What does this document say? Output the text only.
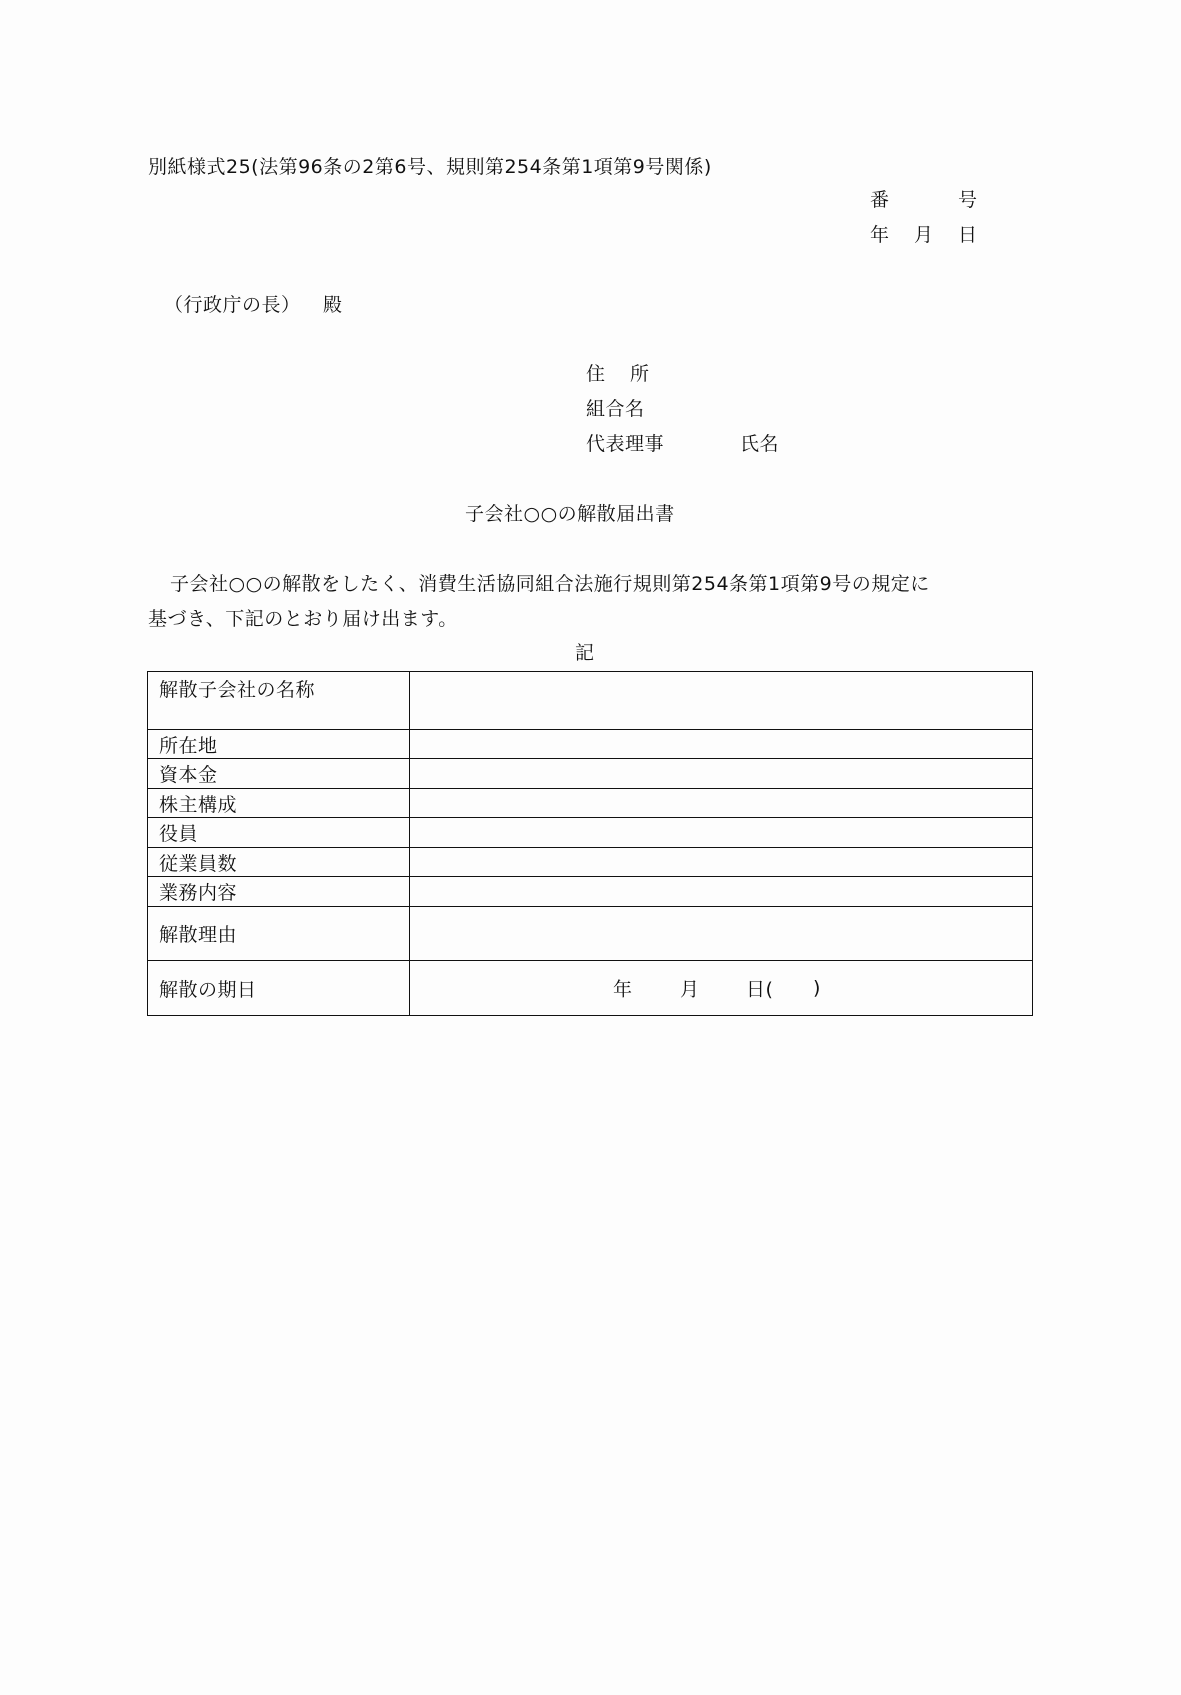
別紙様式25(法第96条の2第6号、規則第254条第1項第9号関係)
番	号
年 月 日
（行政庁の長） 殿
住 所
組合名
代表理事	氏名
子会社○○の解散届出書
子会社○○の解散をしたく、消費生活協同組合法施行規則第254条第1項第9号の規定に
基づき、下記のとおり届け出ます。
記
解散子会社の名称	
所在地	
資本金	
株主構成	
役員	
従業員数	
業務内容	
解散理由	
解散の期日	年 月 日( )
